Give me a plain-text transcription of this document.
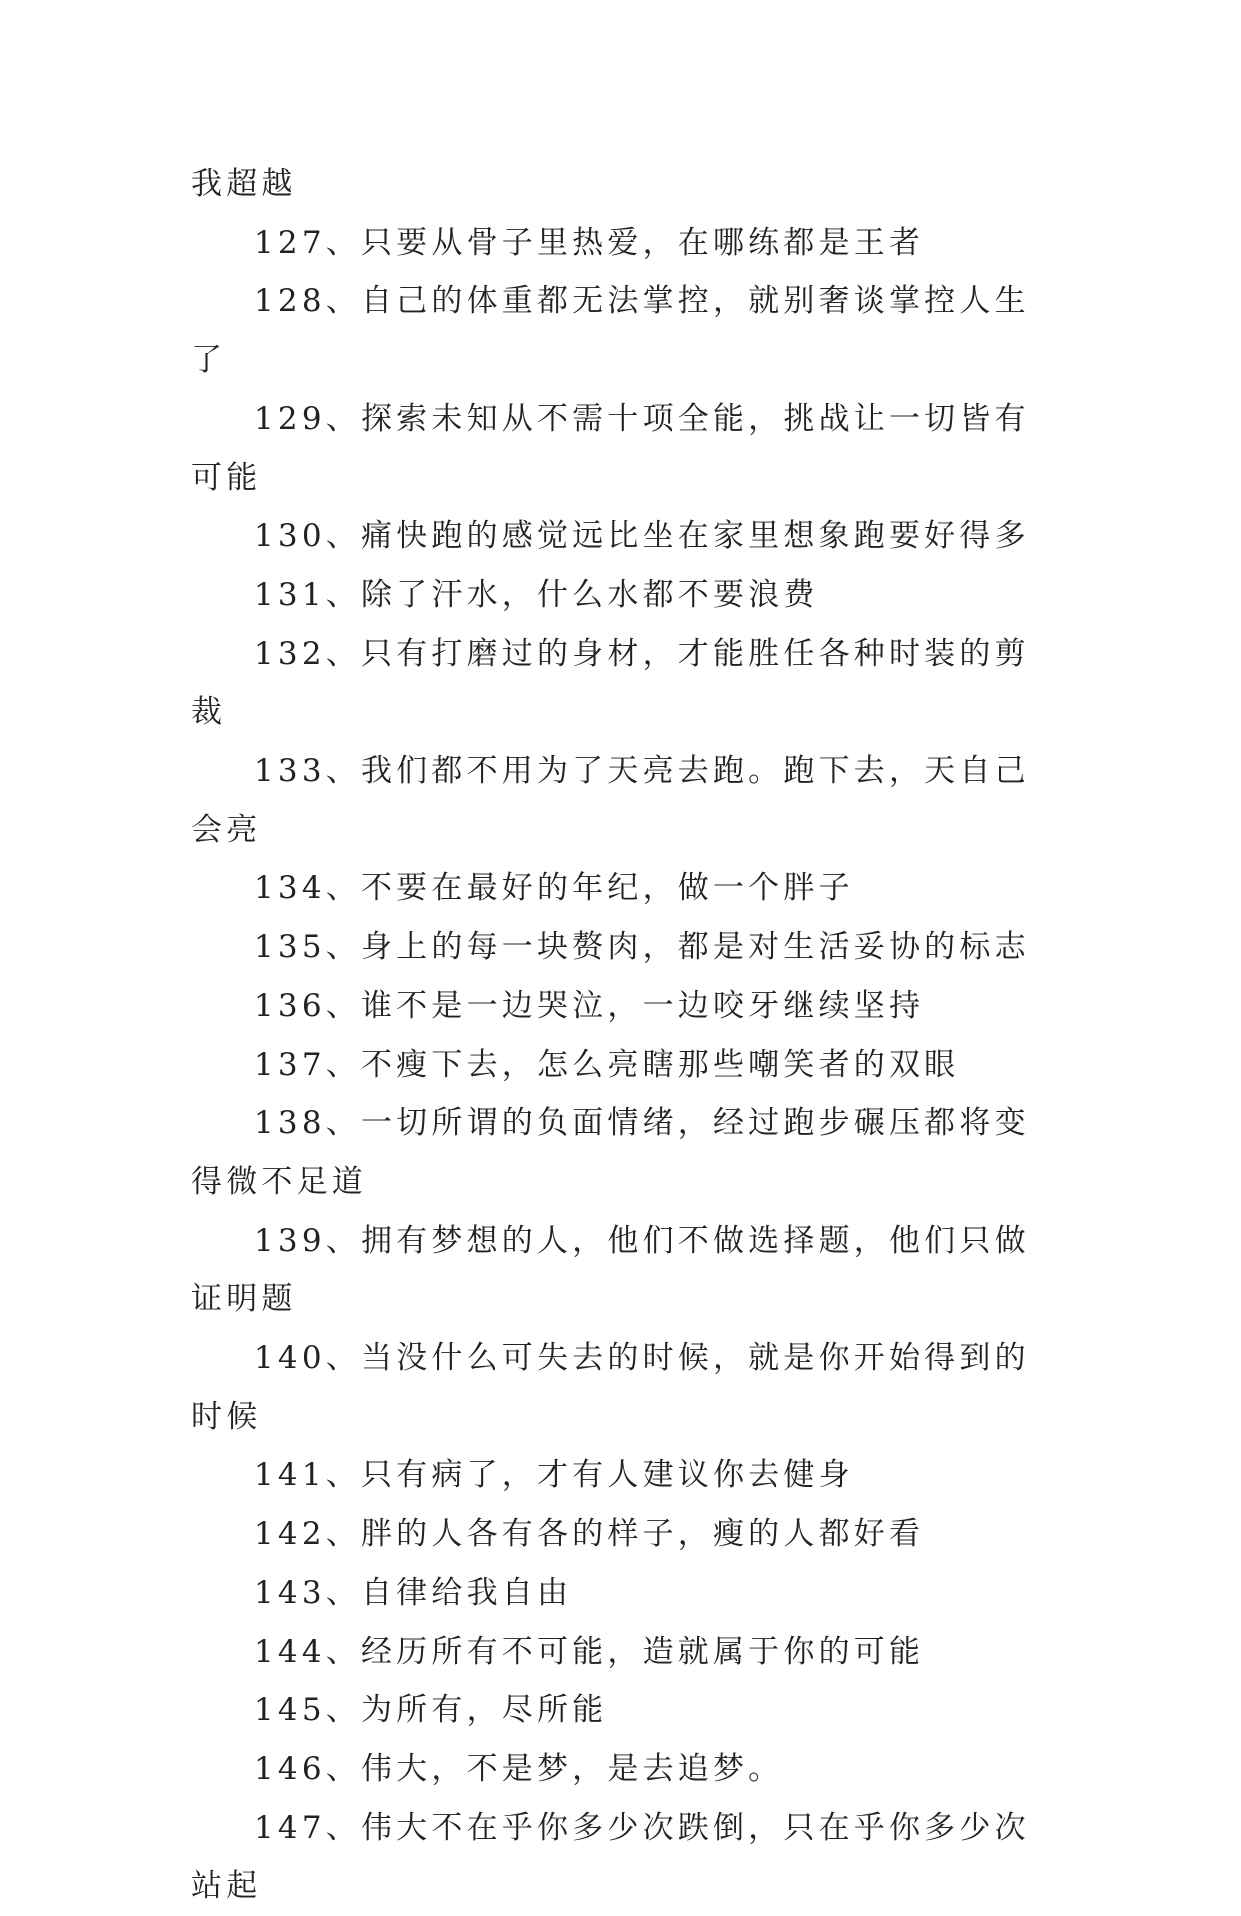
我超越

127、只要从骨子里热爱，在哪练都是王者

128、自己的体重都无法掌控，就别奢谈掌控人生了

129、探索未知从不需十项全能，挑战让一切皆有可能

130、痛快跑的感觉远比坐在家里想象跑要好得多

131、除了汗水，什么水都不要浪费

132、只有打磨过的身材，才能胜任各种时装的剪裁

133、我们都不用为了天亮去跑。跑下去，天自己会亮

134、不要在最好的年纪，做一个胖子

135、身上的每一块赘肉，都是对生活妥协的标志

136、谁不是一边哭泣，一边咬牙继续坚持

137、不瘦下去，怎么亮瞎那些嘲笑者的双眼

138、一切所谓的负面情绪，经过跑步碾压都将变得微不足道

139、拥有梦想的人，他们不做选择题，他们只做证明题

140、当没什么可失去的时候，就是你开始得到的时候

141、只有病了，才有人建议你去健身

142、胖的人各有各的样子，瘦的人都好看

143、自律给我自由

144、经历所有不可能，造就属于你的可能

145、为所有，尽所能

146、伟大，不是梦，是去追梦。

147、伟大不在乎你多少次跌倒，只在乎你多少次站起
